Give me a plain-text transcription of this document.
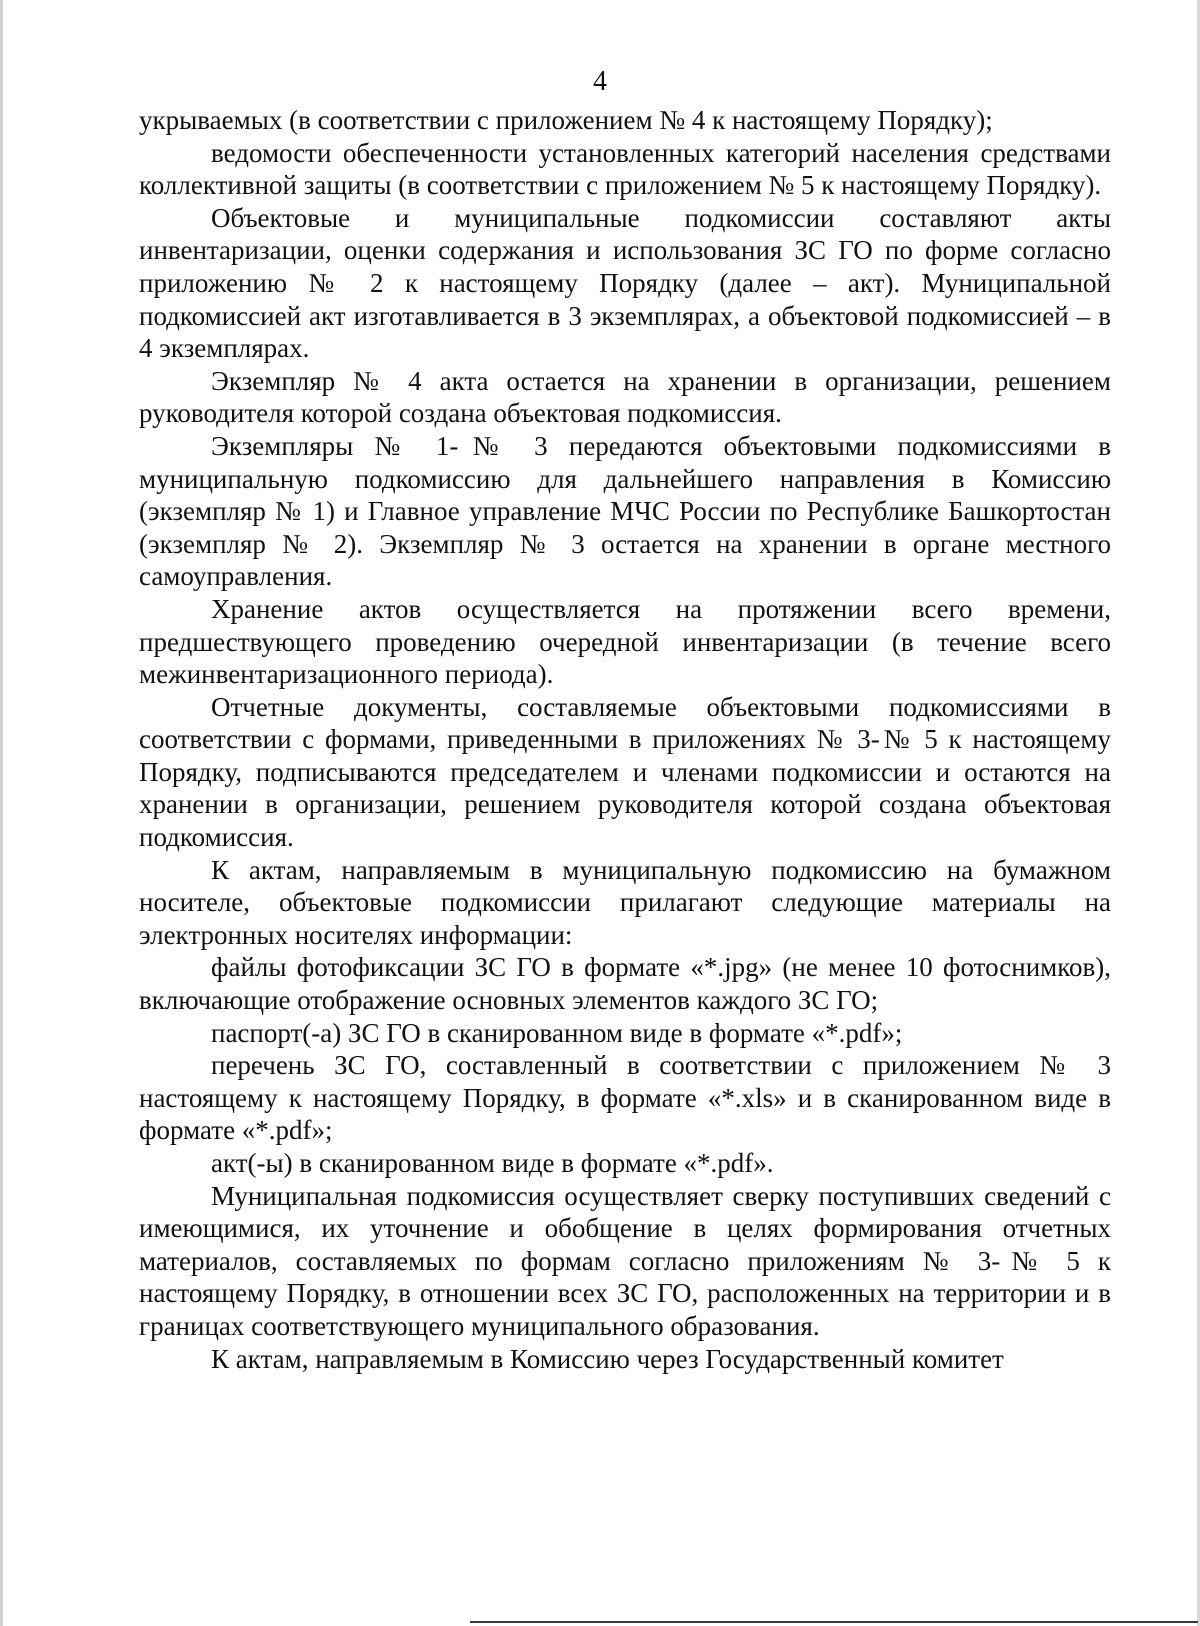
4

укрываемых (в соответствии с приложением № 4 к настоящему Порядку);

ведомости обеспеченности установленных категорий населения средствами коллективной защиты (в соответствии с приложением № 5 к настоящему Порядку).

Объектовые и муниципальные подкомиссии составляют акты инвентаризации, оценки содержания и использования ЗС ГО по форме согласно приложению № 2 к настоящему Порядку (далее – акт). Муниципальной подкомиссией акт изготавливается в 3 экземплярах, а объектовой подкомиссией – в 4 экземплярах.

Экземпляр № 4 акта остается на хранении в организации, решением руководителя которой создана объектовая подкомиссия.

Экземпляры № 1-№ 3 передаются объектовыми подкомиссиями в муниципальную подкомиссию для дальнейшего направления в Комиссию (экземпляр № 1) и Главное управление МЧС России по Республике Башкортостан (экземпляр № 2). Экземпляр № 3 остается на хранении в органе местного самоуправления.

Хранение актов осуществляется на протяжении всего времени, предшествующего проведению очередной инвентаризации (в течение всего межинвентаризационного периода).

Отчетные документы, составляемые объектовыми подкомиссиями в соответствии с формами, приведенными в приложениях № 3-№ 5 к настоящему Порядку, подписываются председателем и членами подкомиссии и остаются на хранении в организации, решением руководителя которой создана объектовая подкомиссия.

К актам, направляемым в муниципальную подкомиссию на бумажном носителе, объектовые подкомиссии прилагают следующие материалы на электронных носителях информации:

файлы фотофиксации ЗС ГО в формате «*.jpg» (не менее 10 фотоснимков), включающие отображение основных элементов каждого ЗС ГО;

паспорт(-а) ЗС ГО в сканированном виде в формате «*.pdf»;

перечень ЗС ГО, составленный в соответствии с приложением № 3 настоящему к настоящему Порядку, в формате «*.xls» и в сканированном виде в формате «*.pdf»;

акт(-ы) в сканированном виде в формате «*.pdf».

Муниципальная подкомиссия осуществляет сверку поступивших сведений с имеющимися, их уточнение и обобщение в целях формирования отчетных материалов, составляемых по формам согласно приложениям № 3-№ 5 к настоящему Порядку, в отношении всех ЗС ГО, расположенных на территории и в границах соответствующего муниципального образования.

К актам, направляемым в Комиссию через Государственный комитет
